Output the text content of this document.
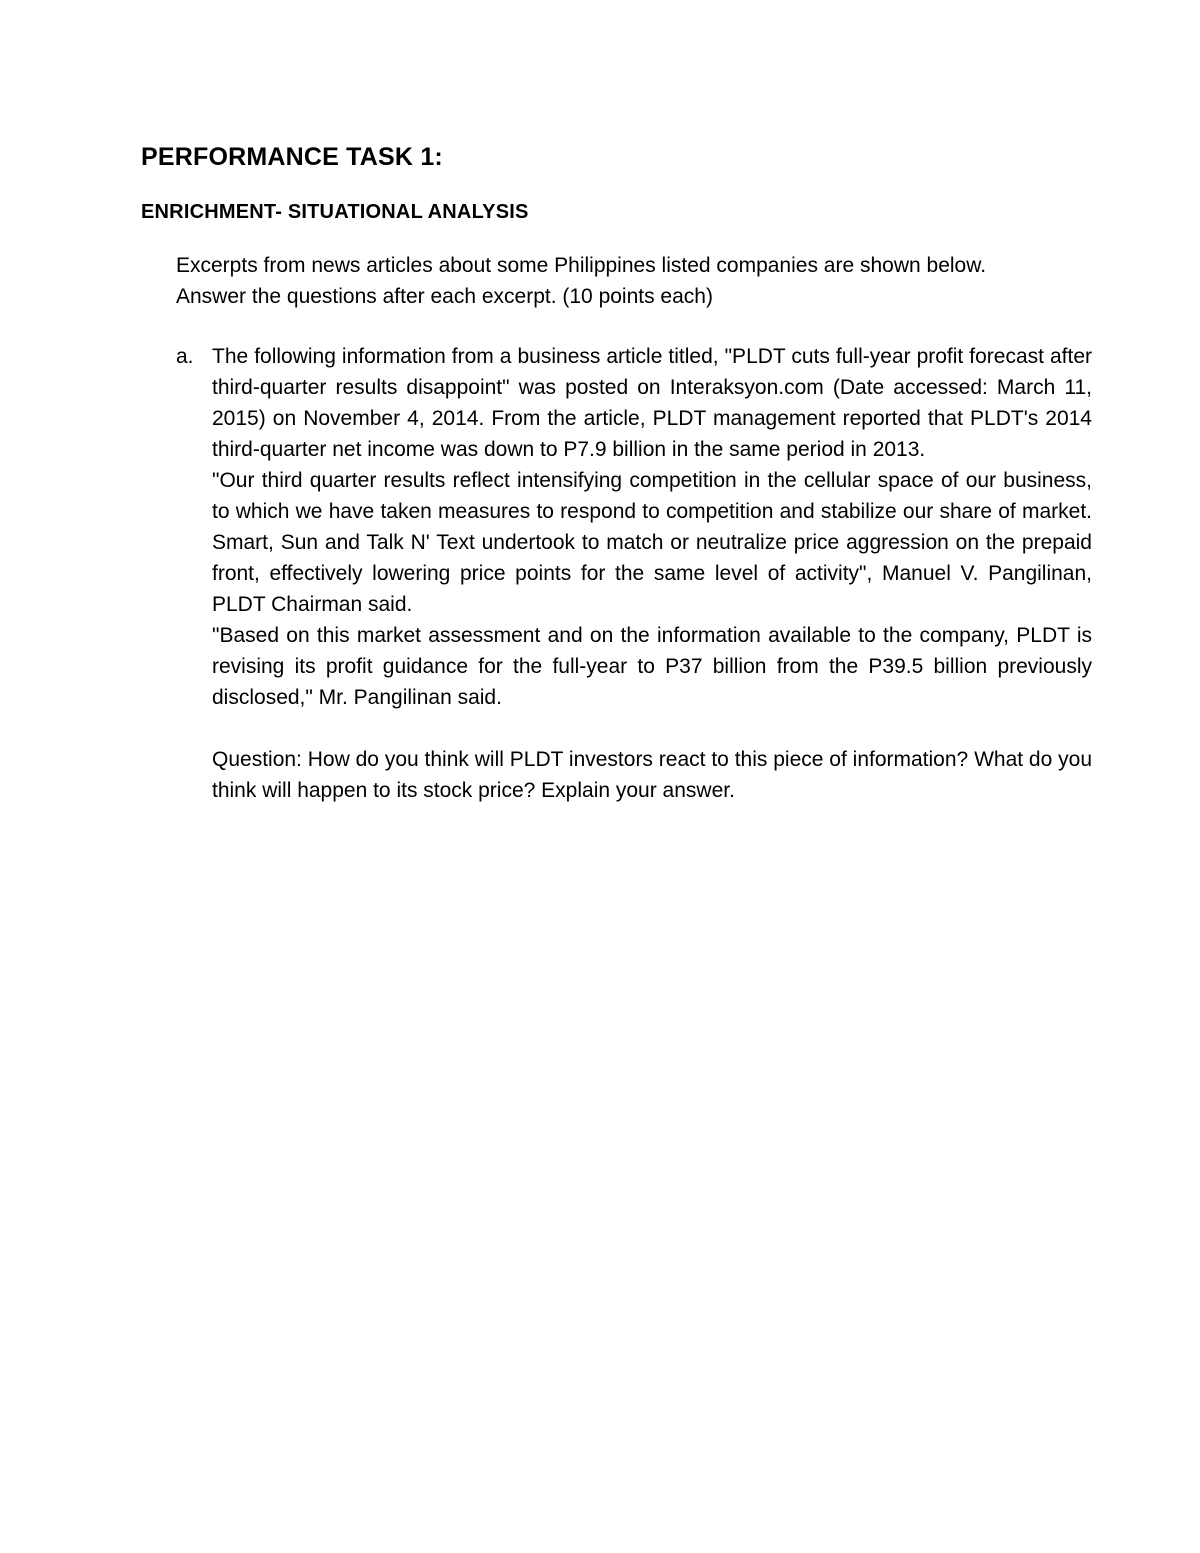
PERFORMANCE TASK 1:
ENRICHMENT- SITUATIONAL ANALYSIS

Excerpts from news articles about some Philippines listed companies are shown below.

Answer the questions after each excerpt. (10 points each)

a. The following information from a business article titled, "PLDT cuts full-year profit forecast after third-quarter results disappoint" was posted on Interaksyon.com (Date accessed: March 11, 2015) on November 4, 2014. From the article, PLDT management reported that PLDT's 2014 third-quarter net income was down to P7.9 billion in the same period in 2013.

"Our third quarter results reflect intensifying competition in the cellular space of our business, to which we have taken measures to respond to competition and stabilize our share of market. Smart, Sun and Talk N' Text undertook to match or neutralize price aggression on the prepaid front, effectively lowering price points for the same level of activity", Manuel V. Pangilinan, PLDT Chairman said.

"Based on this market assessment and on the information available to the company, PLDT is revising its profit guidance for the full-year to P37 billion from the P39.5 billion previously disclosed," Mr. Pangilinan said.

Question: How do you think will PLDT investors react to this piece of information? What do you think will happen to its stock price? Explain your answer.
